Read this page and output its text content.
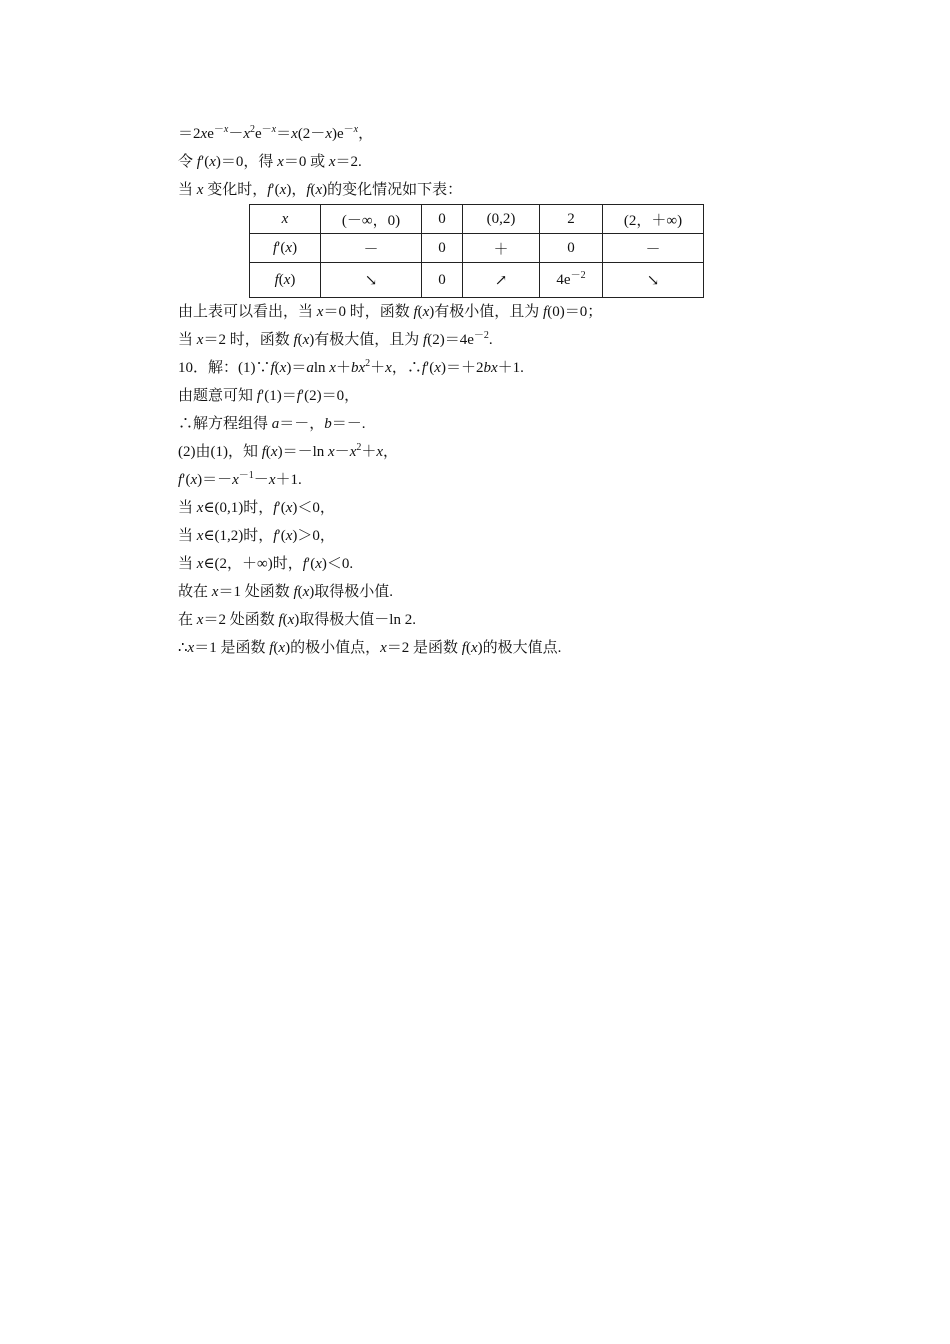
$=2xe^{-x}-x^2e^{-x}=x(2-x)e^{-x}$，
令 f′(x)＝0，得 x＝0 或 x＝2.
当 x 变化时，f′(x)，f(x)的变化情况如下表：
x	(－∞，0)	0	(0,2)	2	(2，＋∞)
f′(x)	－	0	＋	0	－
f(x)	↘	0	↗	$4e^{-2}$	↘
由上表可以看出，当 x＝0 时，函数 f(x)有极小值，且为 f(0)＝0；
当 x＝2 时，函数 f(x)有极大值，且为 $f(2)=4e^{-2}$.
10．解：(1)∵f(x)＝aln $x+bx^2+x$，∴f′(x)＝＋2bx＋1.
由题意可知 f′(1)＝f′(2)＝0，
∴解方程组得 a＝－，b＝－.
(2)由(1)，知 f(x)＝－ln $x-x^2+x$，
$f'(x)=-x^{-1}-x+1$.
当 x∈(0,1)时，f′(x)＜0，
当 x∈(1,2)时，f′(x)＞0，
当 x∈(2，＋∞)时，f′(x)＜0.
故在 x＝1 处函数 f(x)取得极小值.
在 x＝2 处函数 f(x)取得极大值－ln 2.
∴x＝1 是函数 f(x)的极小值点，x＝2 是函数 f(x)的极大值点.
